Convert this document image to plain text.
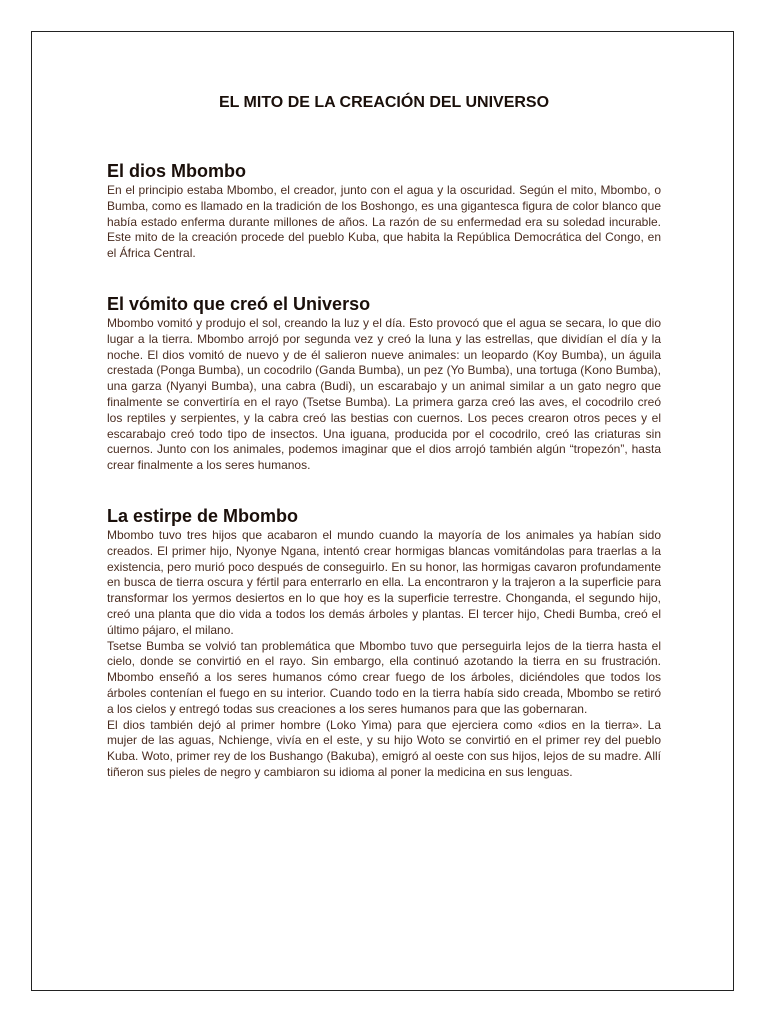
EL MITO DE LA CREACIÓN DEL UNIVERSO
El dios Mbombo

En el principio estaba Mbombo, el creador, junto con el agua y la oscuridad. Según el mito, Mbombo, o Bumba, como es llamado en la tradición de los Boshongo, es una gigantesca figura de color blanco que había estado enferma durante millones de años. La razón de su enfermedad era su soledad incurable. Este mito de la creación procede del pueblo Kuba, que habita la República Democrática del Congo, en el África Central.

El vómito que creó el Universo

Mbombo vomitó y produjo el sol, creando la luz y el día. Esto provocó que el agua se secara, lo que dio lugar a la tierra. Mbombo arrojó por segunda vez y creó la luna y las estrellas, que dividían el día y la noche. El dios vomitó de nuevo y de él salieron nueve animales: un leopardo (Koy Bumba), un águila crestada (Ponga Bumba), un cocodrilo (Ganda Bumba), un pez (Yo Bumba), una tortuga (Kono Bumba), una garza (Nyanyi Bumba), una cabra (Budi), un escarabajo y un animal similar a un gato negro que finalmente se convertiría en el rayo (Tsetse Bumba). La primera garza creó las aves, el cocodrilo creó los reptiles y serpientes, y la cabra creó las bestias con cuernos. Los peces crearon otros peces y el escarabajo creó todo tipo de insectos. Una iguana, producida por el cocodrilo, creó las criaturas sin cuernos. Junto con los animales, podemos imaginar que el dios arrojó también algún “tropezón”, hasta crear finalmente a los seres humanos.

La estirpe de Mbombo

Mbombo tuvo tres hijos que acabaron el mundo cuando la mayoría de los animales ya habían sido creados. El primer hijo, Nyonye Ngana, intentó crear hormigas blancas vomitándolas para traerlas a la existencia, pero murió poco después de conseguirlo. En su honor, las hormigas cavaron profundamente en busca de tierra oscura y fértil para enterrarlo en ella. La encontraron y la trajeron a la superficie para transformar los yermos desiertos en lo que hoy es la superficie terrestre. Chonganda, el segundo hijo, creó una planta que dio vida a todos los demás árboles y plantas. El tercer hijo, Chedi Bumba, creó el último pájaro, el milano.

Tsetse Bumba se volvió tan problemática que Mbombo tuvo que perseguirla lejos de la tierra hasta el cielo, donde se convirtió en el rayo. Sin embargo, ella continuó azotando la tierra en su frustración. Mbombo enseñó a los seres humanos cómo crear fuego de los árboles, diciéndoles que todos los árboles contenían el fuego en su interior. Cuando todo en la tierra había sido creada, Mbombo se retiró a los cielos y entregó todas sus creaciones a los seres humanos para que las gobernaran.

El dios también dejó al primer hombre (Loko Yima) para que ejerciera como «dios en la tierra». La mujer de las aguas, Nchienge, vivía en el este, y su hijo Woto se convirtió en el primer rey del pueblo Kuba. Woto, primer rey de los Bushango (Bakuba), emigró al oeste con sus hijos, lejos de su madre. Allí tiñeron sus pieles de negro y cambiaron su idioma al poner la medicina en sus lenguas.
